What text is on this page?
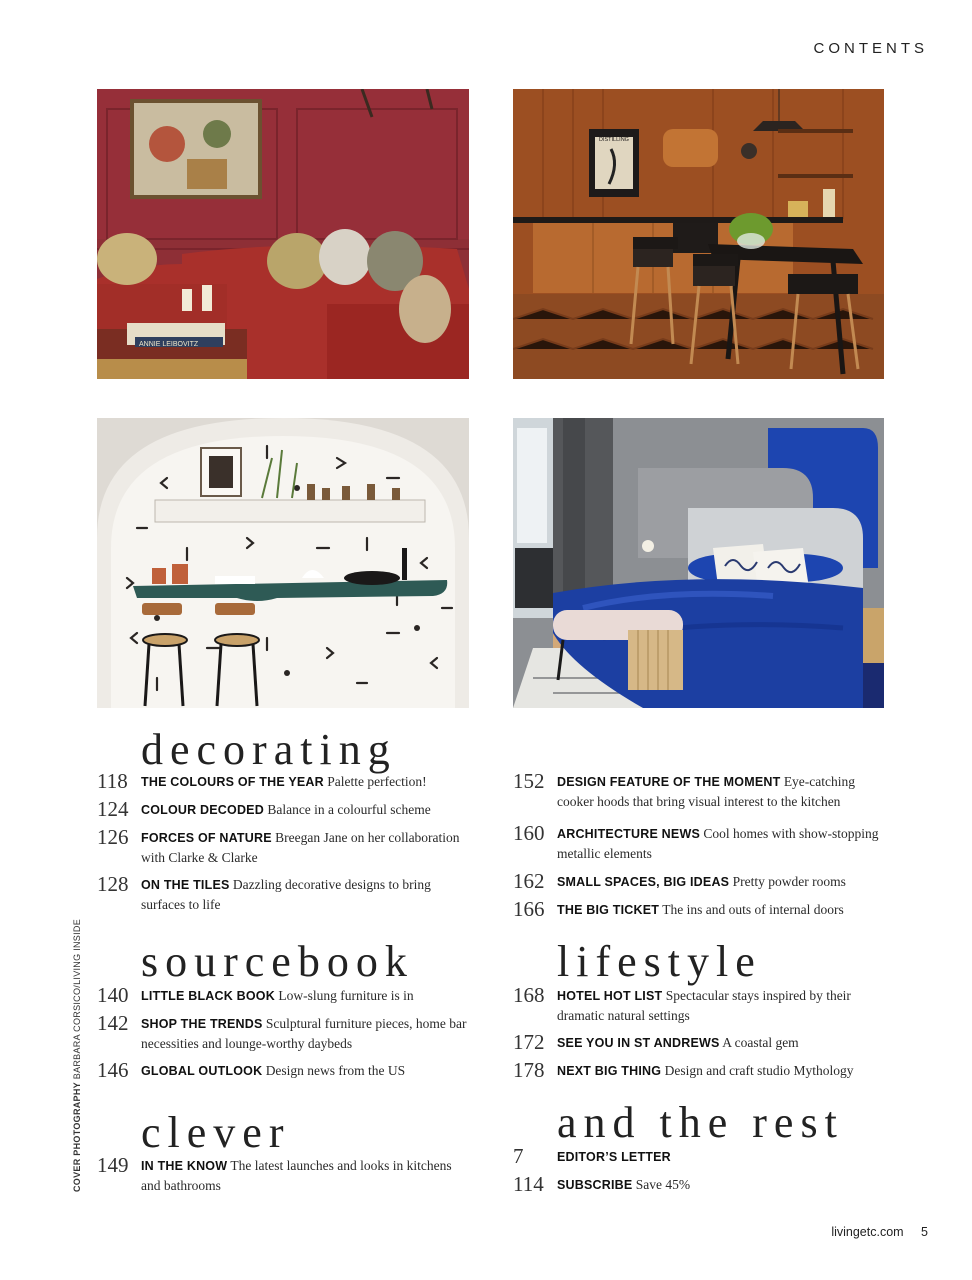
CONTENTS
ANNIE LEIBOVITZ
DISTILLING
decorating
sourcebook
clever
lifestyle
and the rest
118	THE COLOURS OF THE YEAR Palette perfection!
124	COLOUR DECODED Balance in a colourful scheme
126	FORCES OF NATURE Breegan Jane on her collaboration with Clarke & Clarke
128	ON THE TILES Dazzling decorative designs to bring surfaces to life
152	DESIGN FEATURE OF THE MOMENT Eye-catching cooker hoods that bring visual interest to the kitchen
160	ARCHITECTURE NEWS Cool homes with show-stopping metallic elements
162	SMALL SPACES, BIG IDEAS Pretty powder rooms
166	THE BIG TICKET The ins and outs of internal doors
140	LITTLE BLACK BOOK Low-slung furniture is in
142	SHOP THE TRENDS Sculptural furniture pieces, home bar necessities and lounge-worthy daybeds
146	GLOBAL OUTLOOK Design news from the US
149	IN THE KNOW The latest launches and looks in kitchens and bathrooms
168	HOTEL HOT LIST Spectacular stays inspired by their dramatic natural settings
172	SEE YOU IN ST ANDREWS A coastal gem
178	NEXT BIG THING Design and craft studio Mythology
7	EDITOR’S LETTER
114	SUBSCRIBE Save 45%
COVER PHOTOGRAPHY BARBARA CORSICO/LIVING INSIDE
livingetc.com 5
